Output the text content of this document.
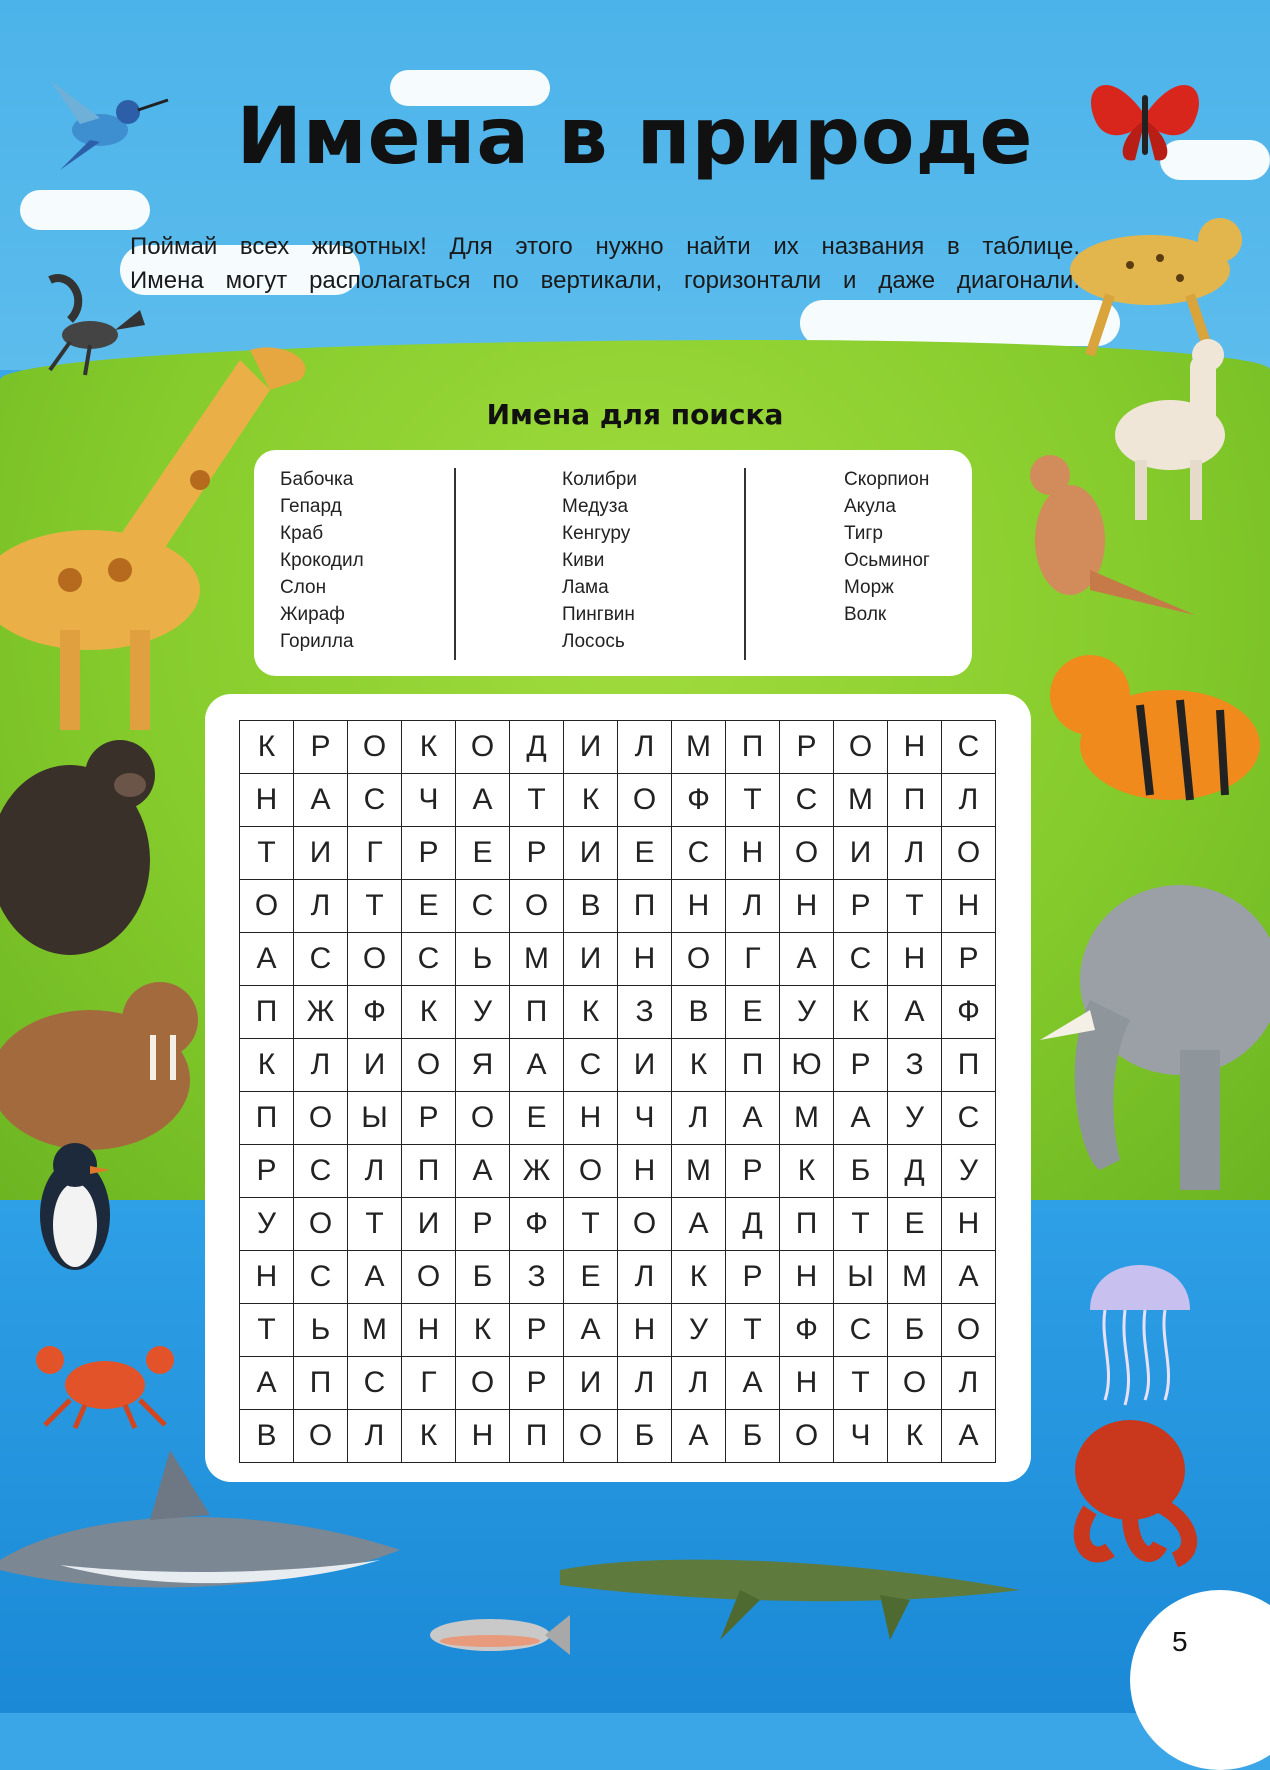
Имена в природе

Поймай всех животных! Для этого нужно найти их названия в таблице.

Имена могут располагаться по вертикали, горизонтали и даже диагонали.

Имена для поиска
Бабочка
Гепард
Краб
Крокодил
Слон
Жираф
Горилла
Колибри
Медуза
Кенгуру
Киви
Лама
Пингвин
Лосось
Скорпион
Акула
Тигр
Осьминог
Морж
Волк
К	Р	О	К	О	Д	И	Л	М	П	Р	О	Н	С
Н	А	С	Ч	А	Т	К	О	Ф	Т	С	М	П	Л
Т	И	Г	Р	Е	Р	И	Е	С	Н	О	И	Л	О
О	Л	Т	Е	С	О	В	П	Н	Л	Н	Р	Т	Н
А	С	О	С	Ь	М	И	Н	О	Г	А	С	Н	Р
П	Ж	Ф	К	У	П	К	З	В	Е	У	К	А	Ф
К	Л	И	О	Я	А	С	И	К	П	Ю	Р	З	П
П	О	Ы	Р	О	Е	Н	Ч	Л	А	М	А	У	С
Р	С	Л	П	А	Ж	О	Н	М	Р	К	Б	Д	У
У	О	Т	И	Р	Ф	Т	О	А	Д	П	Т	Е	Н
Н	С	А	О	Б	З	Е	Л	К	Р	Н	Ы	М	А
Т	Ь	М	Н	К	Р	А	Н	У	Т	Ф	С	Б	О
А	П	С	Г	О	Р	И	Л	Л	А	Н	Т	О	Л
В	О	Л	К	Н	П	О	Б	А	Б	О	Ч	К	А
5
